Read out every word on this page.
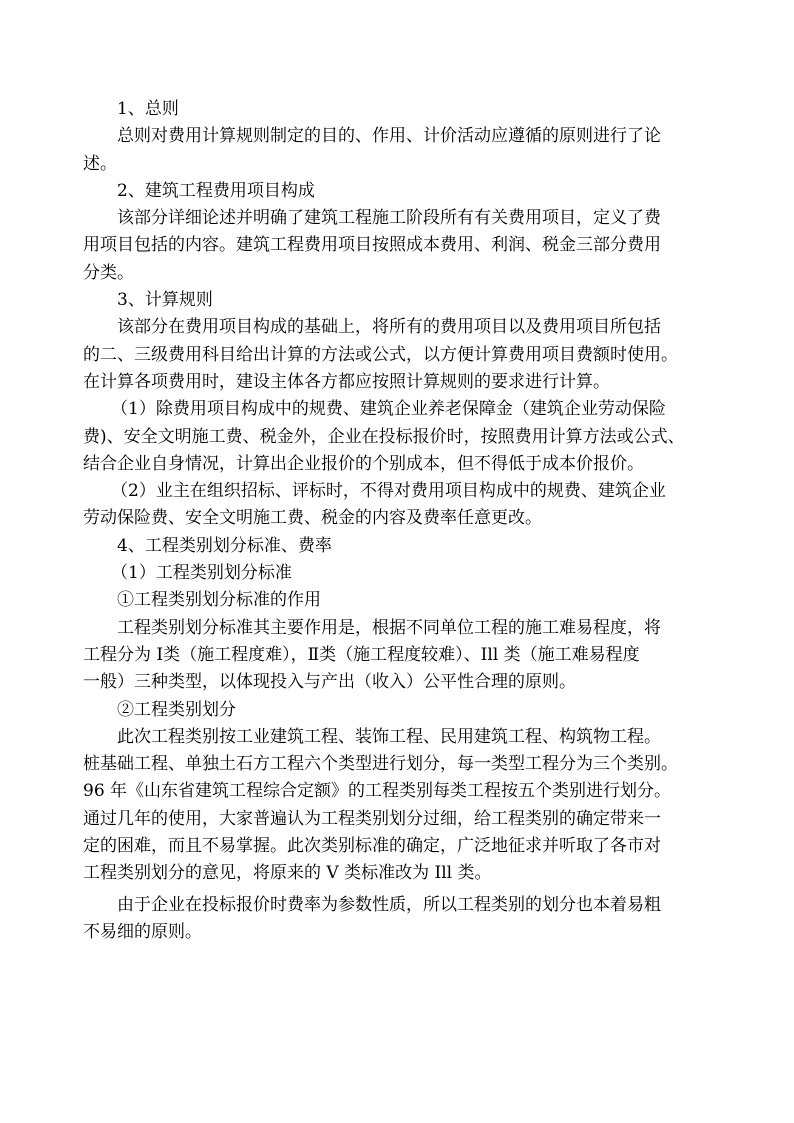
1、总则

总则对费用计算规则制定的目的、作用、计价活动应遵循的原则进行了论

述。

2、建筑工程费用项目构成

该部分详细论述并明确了建筑工程施工阶段所有有关费用项目，定义了费

用项目包括的内容。建筑工程费用项目按照成本费用、利润、税金三部分费用

分类。

3、计算规则

该部分在费用项目构成的基础上，将所有的费用项目以及费用项目所包括

的二、三级费用科目给出计算的方法或公式，以方便计算费用项目费额时使用。

在计算各项费用时，建设主体各方都应按照计算规则的要求进行计算。

（1）除费用项目构成中的规费、建筑企业养老保障金（建筑企业劳动保险

费)、安全文明施工费、税金外，企业在投标报价时，按照费用计算方法或公式、

结合企业自身情况，计算出企业报价的个别成本，但不得低于成本价报价。

（2）业主在组织招标、评标时，不得对费用项目构成中的规费、建筑企业

劳动保险费、安全文明施工费、税金的内容及费率任意更改。

4、工程类别划分标准、费率

（1）工程类别划分标准

①工程类别划分标准的作用

工程类别划分标准其主要作用是，根据不同单位工程的施工难易程度，将

工程分为 Ⅰ类（施工程度难），Ⅱ类（施工程度较难）、Ill 类（施工难易程度

一般）三种类型，以体现投入与产出（收入）公平性合理的原则。

②工程类别划分

此次工程类别按工业建筑工程、装饰工程、民用建筑工程、构筑物工程。

桩基础工程、单独土石方工程六个类型进行划分，每一类型工程分为三个类别。

96 年《山东省建筑工程综合定额》的工程类别每类工程按五个类别进行划分。

通过几年的使用，大家普遍认为工程类别划分过细，给工程类别的确定带来一

定的困难，而且不易掌握。此次类别标准的确定，广泛地征求并听取了各市对

工程类别划分的意见，将原来的 V 类标准改为 Ill 类。

由于企业在投标报价时费率为参数性质，所以工程类别的划分也本着易粗

不易细的原则。
